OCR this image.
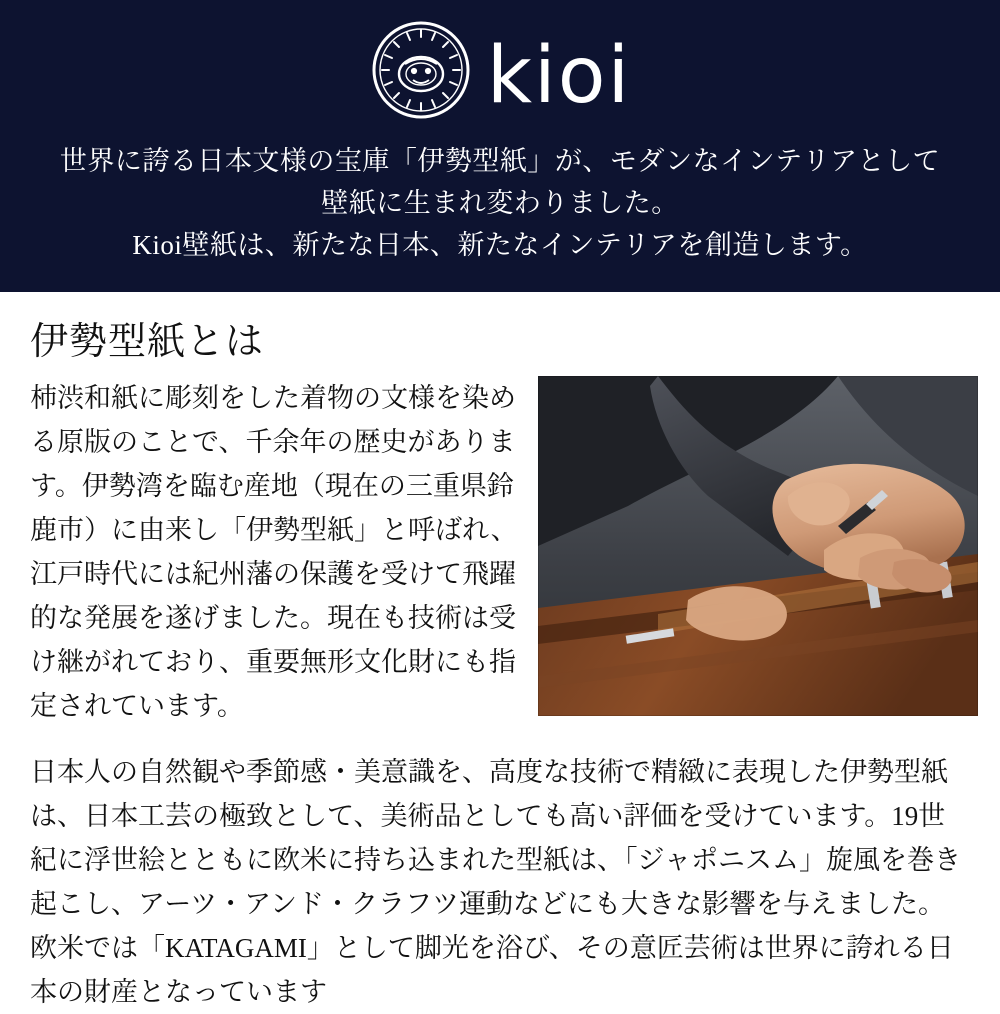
kioi
世界に誇る日本文様の宝庫「伊勢型紙」が、モダンなインテリアとして
壁紙に生まれ変わりました。
Kioi壁紙は、新たな日本、新たなインテリアを創造します。
伊勢型紙とは

柿渋和紙に彫刻をした着物の文様を染める原版のことで、千余年の歴史があります。伊勢湾を臨む産地（現在の三重県鈴鹿市）に由来し「伊勢型紙」と呼ばれ、江戸時代には紀州藩の保護を受けて飛躍的な発展を遂げました。現在も技術は受け継がれており、重要無形文化財にも指定されています。

日本人の自然観や季節感・美意識を、高度な技術で精緻に表現した伊勢型紙は、日本工芸の極致として、美術品としても高い評価を受けています。19世紀に浮世絵とともに欧米に持ち込まれた型紙は、「ジャポニスム」旋風を巻き起こし、アーツ・アンド・クラフツ運動などにも大きな影響を与えました。欧米では「KATAGAMI」として脚光を浴び、その意匠芸術は世界に誇れる日本の財産となっています
